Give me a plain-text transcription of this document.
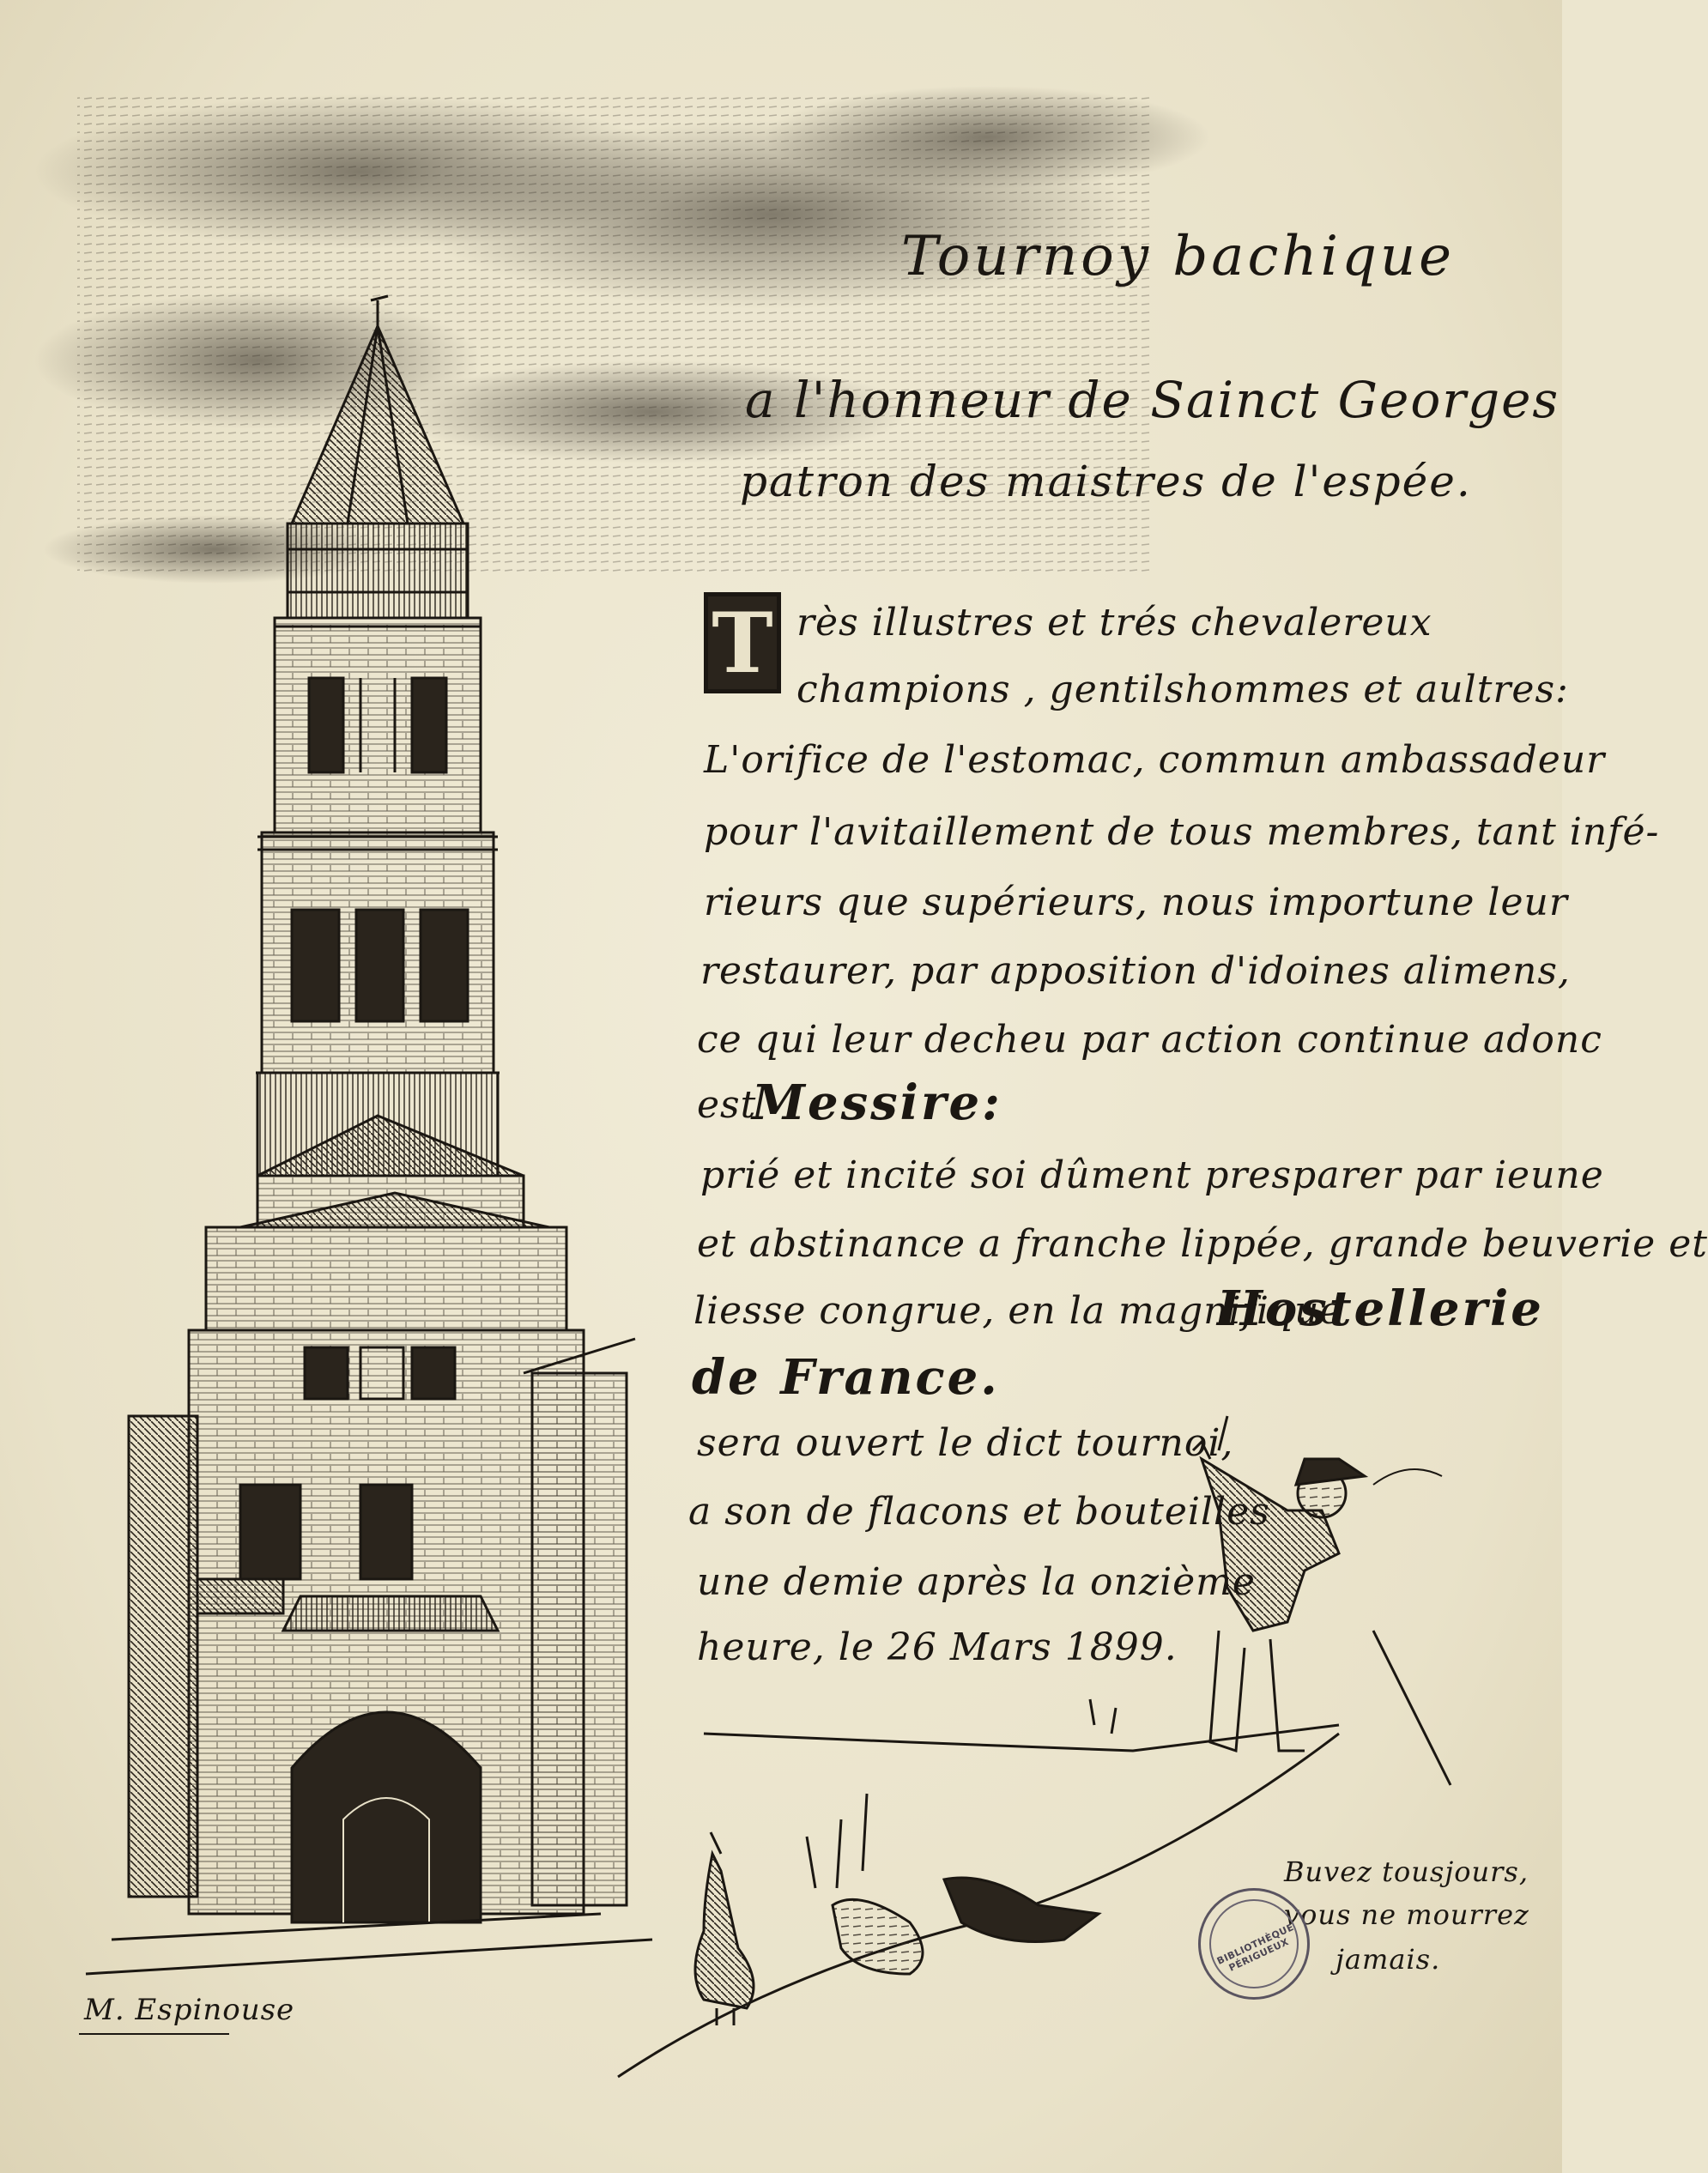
Tournoy bachique

a l'honneur de Sainct Georges

patron des maistres de l'espée.

T rès illustres et trés chevalereux

champions , gentilshommes et aultres:

L'orifice de l'estomac, commun ambassadeur

pour l'avitaillement de tous membres, tant infé-

rieurs que supérieurs, nous importune leur

restaurer, par apposition d'idoines alimens,

ce qui leur decheu par action continue adonc

est

Messire:

prié et incité soi dûment presparer par ieune

et abstinance a franche lippée, grande beuverie et

liesse congrue, en la magnifique

Hostellerie

de France.

sera ouvert le dict tournoi,

a son de flacons et bouteilles

une demie après la onzième

heure, le 26 Mars 1899.

Buvez tousjours,

vous ne mourrez

jamais.

BIBLIOTHÈQUE PÉRIGUEUX

M. Espinouse
